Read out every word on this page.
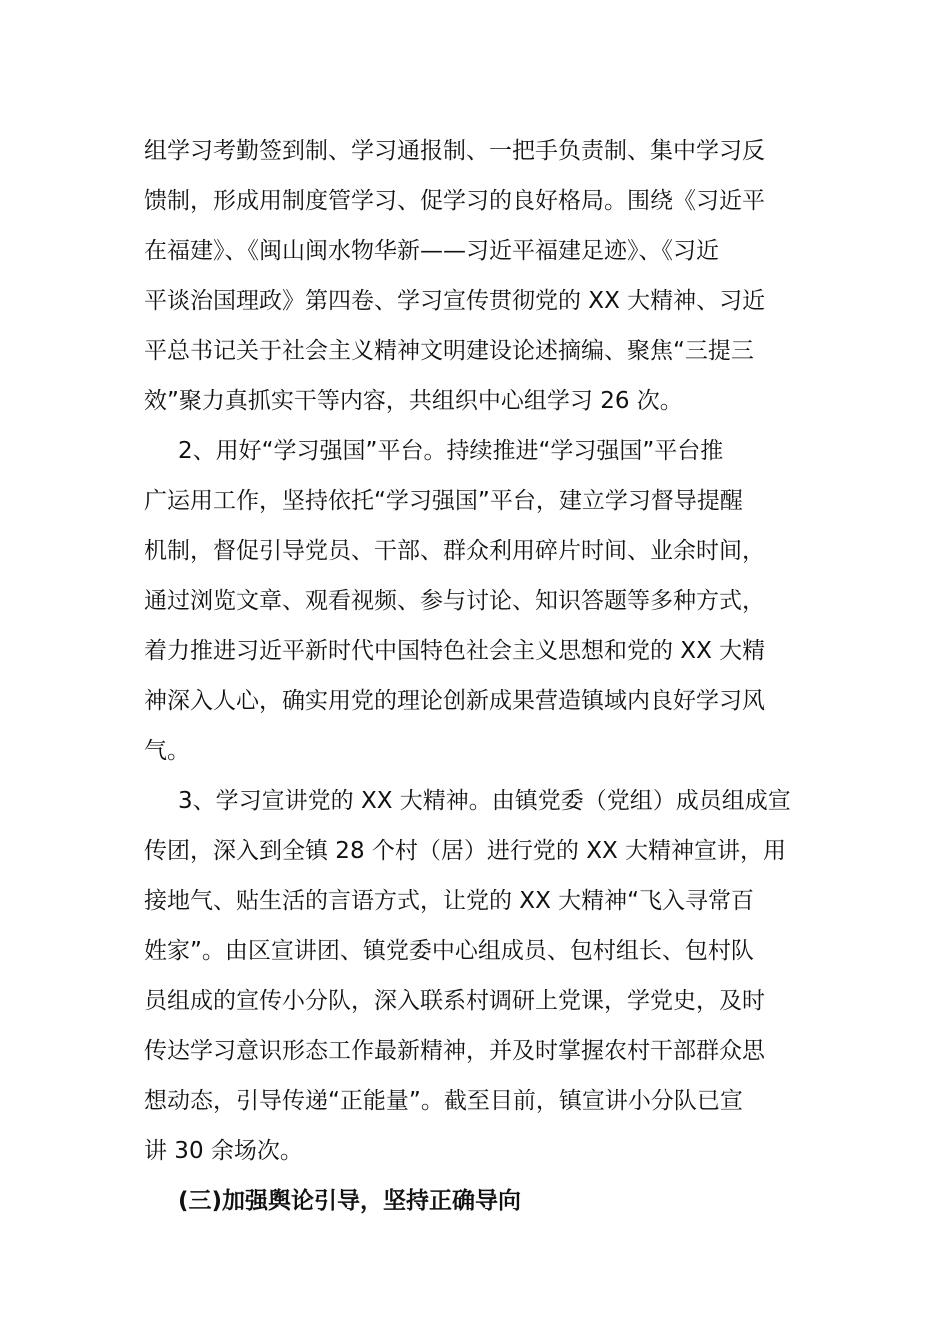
组学习考勤签到制、学习通报制、一把手负责制、集中学习反
馈制，形成用制度管学习、促学习的良好格局。围绕《习近平
在福建》、《闽山闽水物华新——习近平福建足迹》、《习近
平谈治国理政》第四卷、学习宣传贯彻党的 XX 大精神、习近
平总书记关于社会主义精神文明建设论述摘编、聚焦“三提三
效”聚力真抓实干等内容，共组织中心组学习 26 次。

2、用好“学习强国”平台。持续推进“学习强国”平台推
广运用工作，坚持依托“学习强国”平台，建立学习督导提醒
机制，督促引导党员、干部、群众利用碎片时间、业余时间，
通过浏览文章、观看视频、参与讨论、知识答题等多种方式，
着力推进习近平新时代中国特色社会主义思想和党的 XX 大精
神深入人心，确实用党的理论创新成果营造镇域内良好学习风
气。

3、学习宣讲党的 XX 大精神。由镇党委（党组）成员组成宣
传团，深入到全镇 28 个村（居）进行党的 XX 大精神宣讲，用
接地气、贴生活的言语方式，让党的 XX 大精神“飞入寻常百
姓家”。由区宣讲团、镇党委中心组成员、包村组长、包村队
员组成的宣传小分队，深入联系村调研上党课，学党史，及时
传达学习意识形态工作最新精神，并及时掌握农村干部群众思
想动态，引导传递“正能量”。截至目前，镇宣讲小分队已宣
讲 30 余场次。

(三)加强舆论引导，坚持正确导向
